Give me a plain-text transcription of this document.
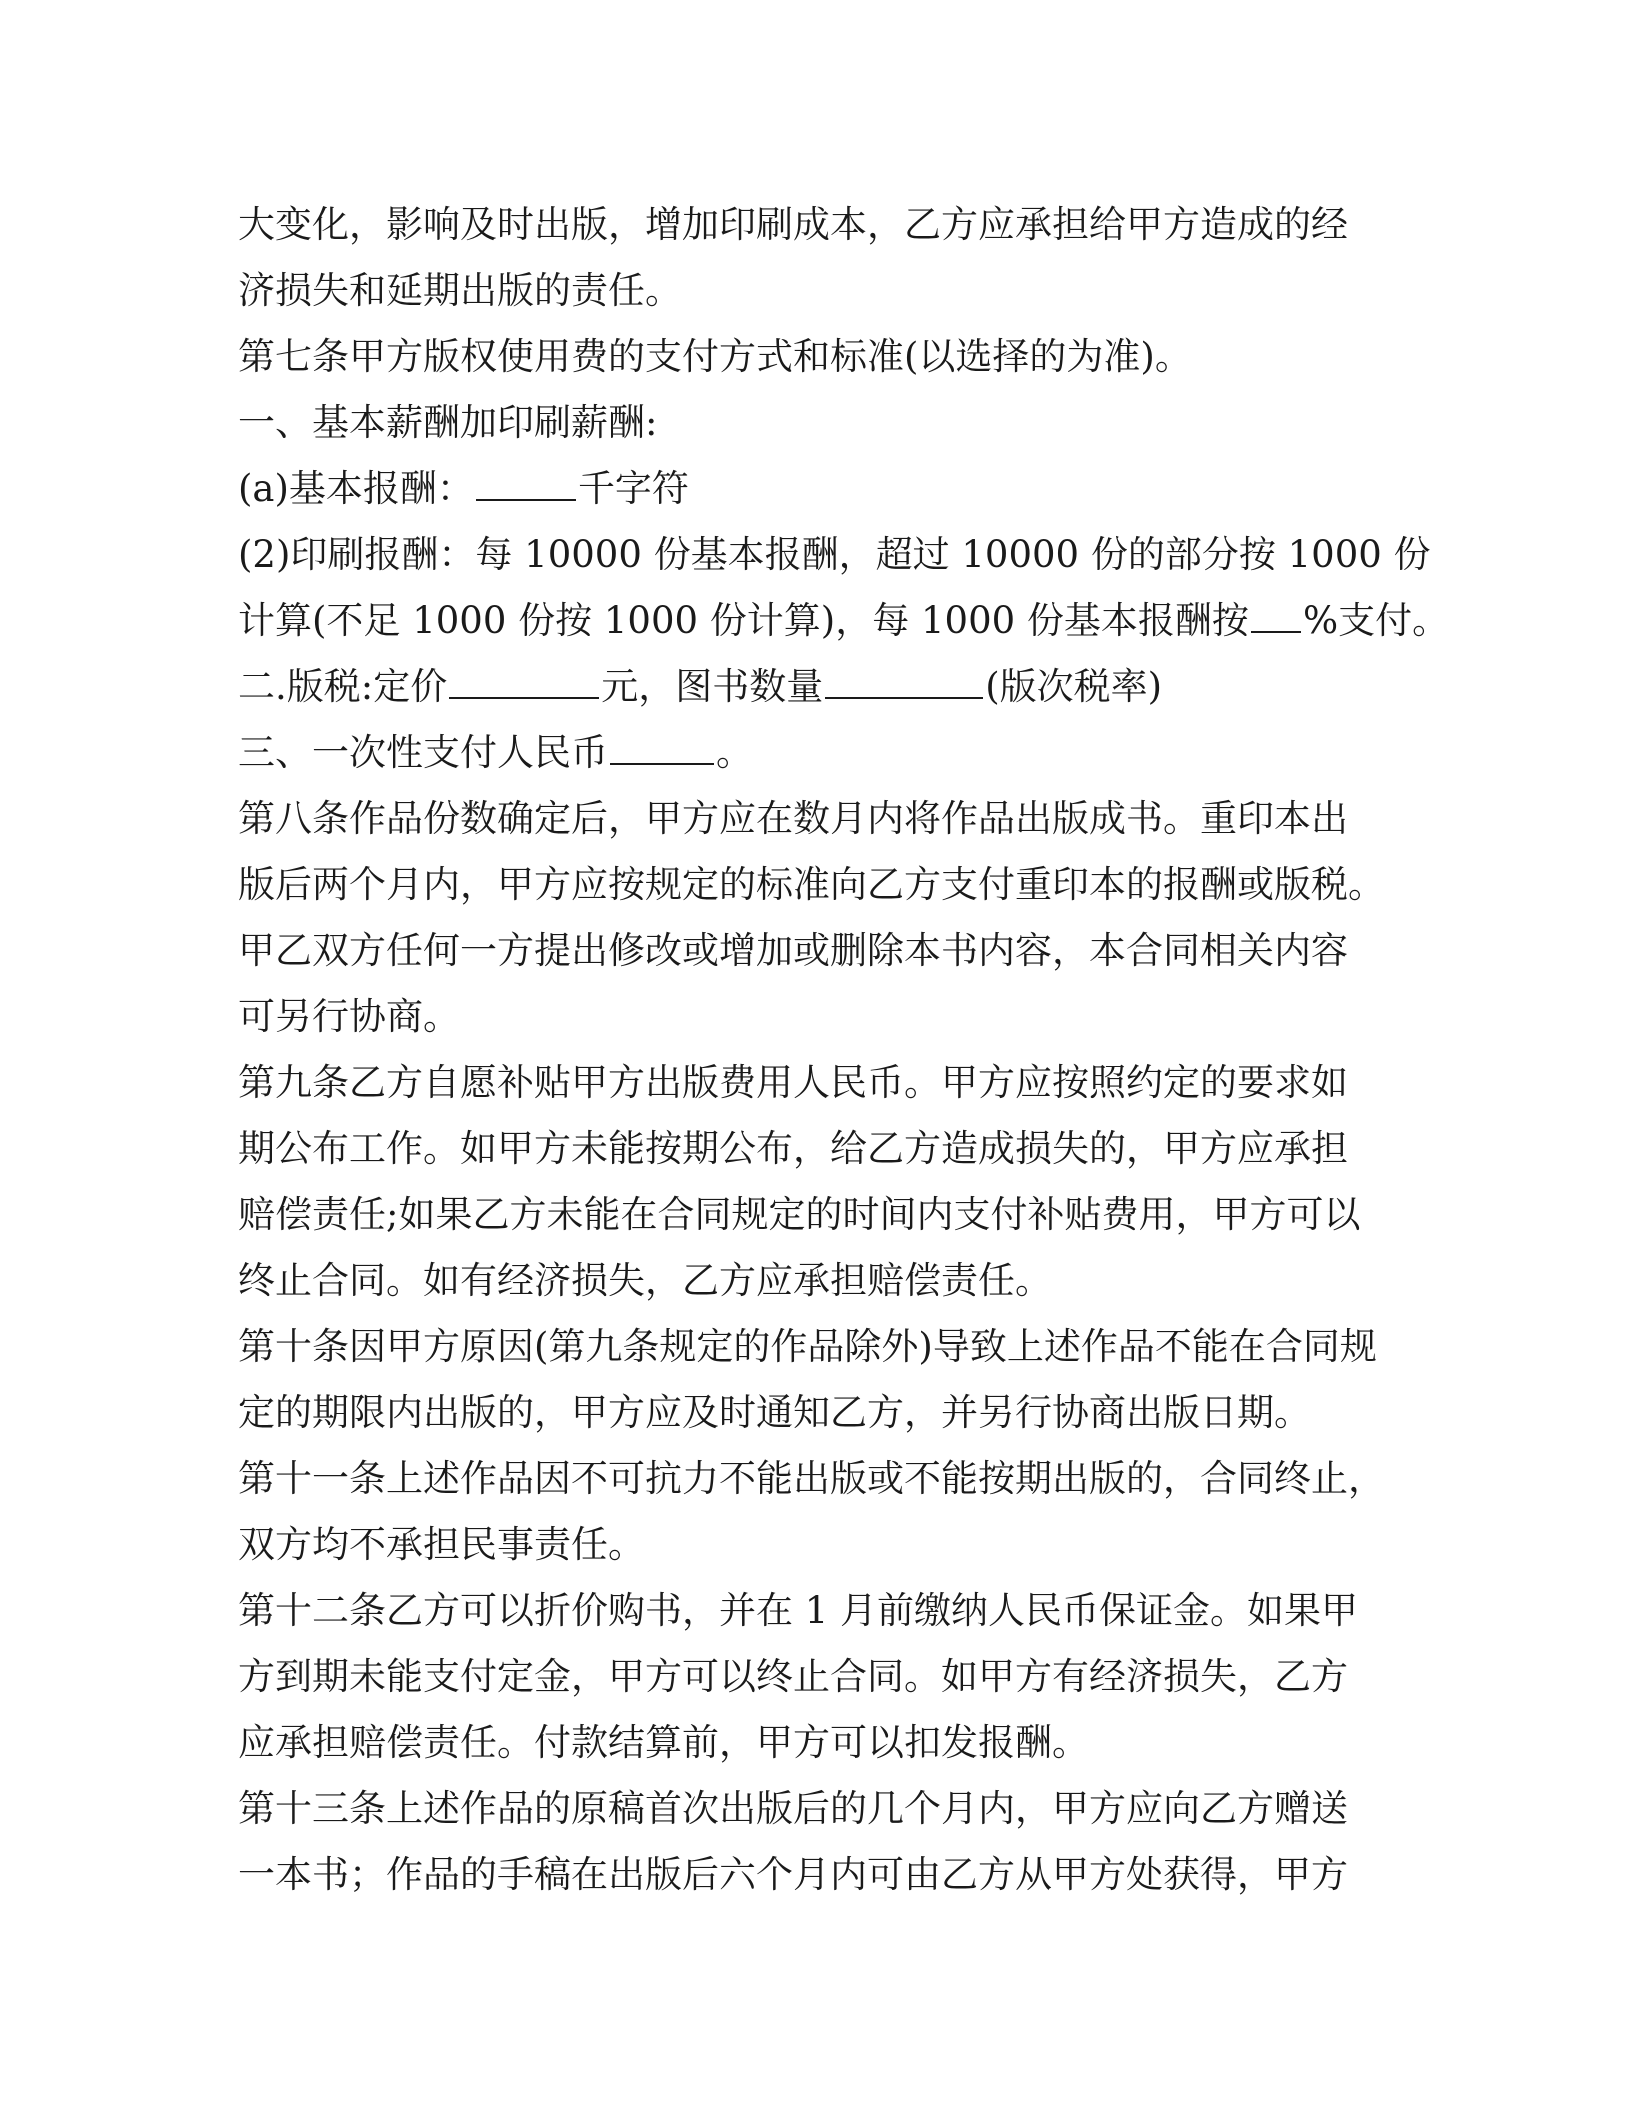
大变化，影响及时出版，增加印刷成本，乙方应承担给甲方造成的经
济损失和延期出版的责任。
第七条甲方版权使用费的支付方式和标准(以选择的为准)。
一、基本薪酬加印刷薪酬:
(a)基本报酬：	千字符
(2)印刷报酬：每 10000 份基本报酬，超过 10000 份的部分按 1000 份
计算(不足 1000 份按 1000 份计算)，每 1000 份基本报酬按 %支付。
二.版税:定价	元，图书数量	(版次税率)
三、一次性支付人民币	。
第八条作品份数确定后，甲方应在数月内将作品出版成书。重印本出
版后两个月内，甲方应按规定的标准向乙方支付重印本的报酬或版税。
甲乙双方任何一方提出修改或增加或删除本书内容，本合同相关内容
可另行协商。
第九条乙方自愿补贴甲方出版费用人民币。甲方应按照约定的要求如
期公布工作。如甲方未能按期公布，给乙方造成损失的，甲方应承担
赔偿责任;如果乙方未能在合同规定的时间内支付补贴费用，甲方可以
终止合同。如有经济损失，乙方应承担赔偿责任。
第十条因甲方原因(第九条规定的作品除外)导致上述作品不能在合同规
定的期限内出版的，甲方应及时通知乙方，并另行协商出版日期。
第十一条上述作品因不可抗力不能出版或不能按期出版的，合同终止，
双方均不承担民事责任。
第十二条乙方可以折价购书，并在 1 月前缴纳人民币保证金。如果甲
方到期未能支付定金，甲方可以终止合同。如甲方有经济损失，乙方
应承担赔偿责任。付款结算前，甲方可以扣发报酬。
第十三条上述作品的原稿首次出版后的几个月内，甲方应向乙方赠送
一本书；作品的手稿在出版后六个月内可由乙方从甲方处获得，甲方
